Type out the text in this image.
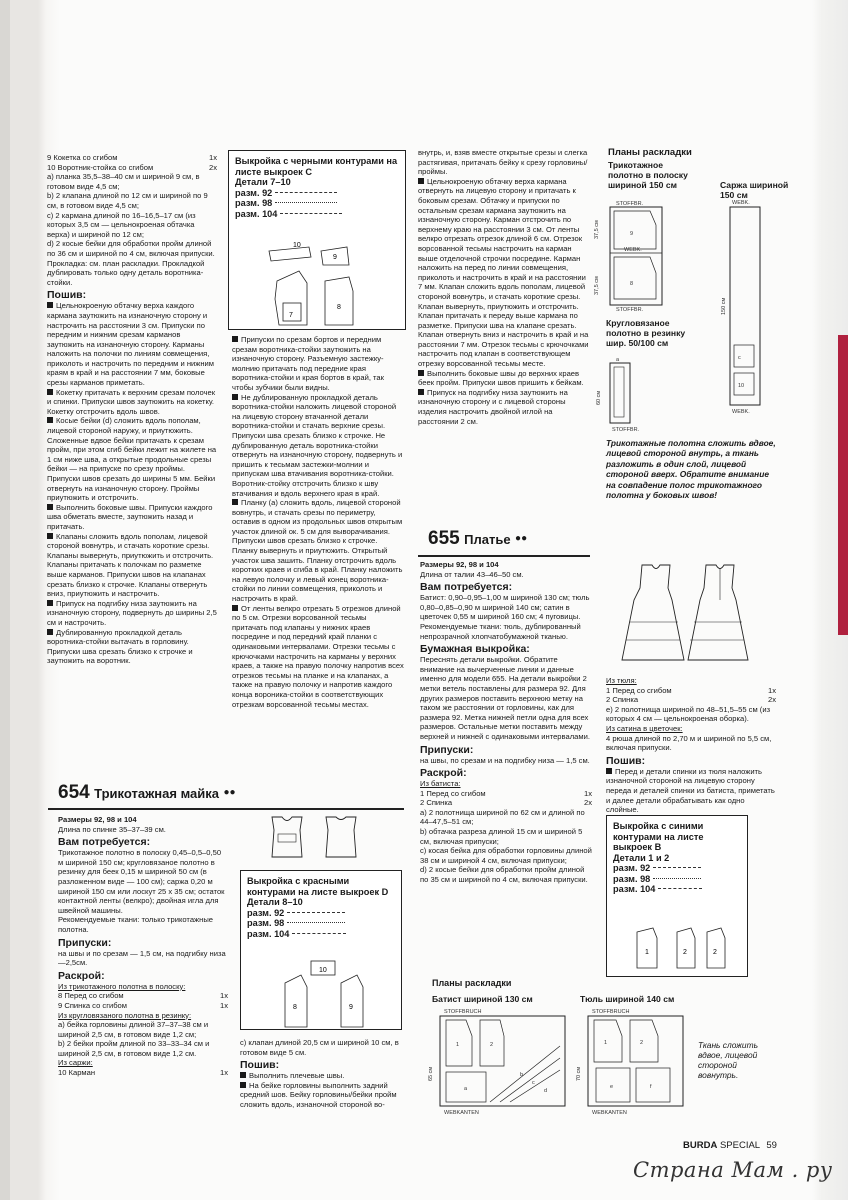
9 Кокетка со сгибом	1x
10 Воротник-стойка со сгибом	2x

a) планка 35,5–38–40 см и шириной 9 см, в готовом виде 4,5 см;

b) 2 клапана длиной по 12 см и шириной по 9 см, в готовом виде 4,5 см;

c) 2 кармана длиной по 16–16,5–17 см (из которых 3,5 см — цельнокроеная обтачка верха) и шириной по 12 см;

d) 2 косые бейки для обработки пройм длиной по 36 см и шириной по 4 см, включая припуски.

Прокладка: см. план раскладки. Прокладкой дублировать только одну деталь воротника-стойки.

Пошив:

Цельнокроеную обтачку верха каждого кармана заутюжить на изнаночную сторону и настрочить на расстоянии 3 см. Припуски по передним и нижним срезам карманов заутюжить на изнаночную сторону. Карманы наложить на полочки по линиям совмещения, приколоть и настрочить по передним и нижним краям в край и на расстоянии 7 мм, боковые срезы карманов приметать.

Кокетку притачать к верхним срезам полочек и спинки. Припуски швов заутюжить на кокетку. Кокетку отстрочить вдоль швов.

Косые бейки (d) сложить вдоль пополам, лицевой стороной наружу, и приутюжить. Сложенные вдвое бейки притачать к срезам пройм, при этом сгиб бейки лежит на жилете на 1 см ниже шва, а открытые продольные срезы бейки — на припуске по срезу проймы. Припуски швов срезать до ширины 5 мм. Бейки отвернуть на изнаночную сторону. Проймы приутюжить и отстрочить.

Выполнить боковые швы. Припуски каждого шва обметать вместе, заутюжить назад и притачать.

Клапаны сложить вдоль пополам, лицевой стороной вовнутрь, и стачать короткие срезы. Клапаны вывернуть, приутюжить и отстрочить. Клапаны притачать к полочкам по разметке выше карманов. Припуски швов на клапанах срезать близко к строчке. Клапаны отвернуть вниз, приутюжить и настрочить.

Припуск на подгибку низа заутюжить на изнаночную сторону, подвернуть до ширины 2,5 см и настрочить.

Дублированную прокладкой деталь воротника-стойки вытачать в горловину. Припуски шва срезать близко к строчке и заутюжить на воротник.

Выкройка с черными контурами на листе выкроек С
Детали 7–10
разм. 92
разм. 98
разм. 104
10
9
7
8

Припуски по срезам бортов и передним срезам воротника-стойки заутюжить на изнаночную сторону. Разъемную застежку-молнию притачать под передние края воротника-стойки и края бортов в край, так чтобы зубчики были видны.

Не дублированную прокладкой деталь воротника-стойки наложить лицевой стороной на лицевую сторону втачанной детали воротника-стойки и стачать верхние срезы. Припуски шва срезать близко к строчке. Не дублированную деталь воротника-стойки отвернуть на изнаночную сторону, подвернуть и пришить к тесьмам застежки-молнии и припускам шва втачивания воротника-стойки. Воротник-стойку отстрочить близко к шву втачивания и вдоль верхнего края в край.

Планку (а) сложить вдоль, лицевой стороной вовнутрь, и стачать срезы по периметру, оставив в одном из продольных швов открытым участок длиной ок. 5 см для выворачивания. Припуски швов срезать близко к строчке. Планку вывернуть и приутюжить. Открытый участок шва зашить. Планку отстрочить вдоль коротких краев и сгиба в край. Планку наложить на левую полочку и левый конец воротника-стойки по линии совмещения, приколоть и настрочить в край.

От ленты велкро отрезать 5 отрезков длиной по 5 см. Отрезки ворсованной тесьмы притачать под клапаны у нижних краев посредине и под передний край планки с одинаковыми интервалами. Отрезки тесьмы с крючочками настрочить на карманы у верхних краев, а также на правую полочку напротив всех отрезков тесьмы на планке и на клапанах, а также на правую полочку и напротив каждого конца вороника-стойки в соответствующих отрезкам ворсованной тесьмы местах.

внутрь, и, взяв вместе открытые срезы и слегка растягивая, притачать бейку к срезу горловины/проймы.

Цельнокроеную обтачку верха кармана отвернуть на лицевую сторону и притачать к боковым срезам. Обтачку и припуски по остальным срезам кармана заутюжить на изнаночную сторону. Карман отстрочить по верхнему краю на расстоянии 3 см. От ленты велкро отрезать отрезок длиной 6 см. Отрезок ворсованной тесьмы настрочить на карман выше отделочной строчки посредине. Карман наложить на перед по линии совмещения, приколоть и настрочить в край и на расстоянии 7 мм. Клапан сложить вдоль пополам, лицевой стороной вовнутрь, и стачать короткие срезы. Клапан вывернуть, приутюжить и отстрочить. Клапан притачать к переду выше кармана по разметке. Припуски шва на клапане срезать. Клапан отвернуть вниз и настрочить в край и на расстоянии 7 мм. Отрезок тесьмы с крючочками настрочить под клапан в соответствующем отрезку ворсованной тесьмы месте.

Выполнить боковые швы до верхних краев беек пройм. Припуски швов пришить к бейкам.

Припуск на подгибку низа заутюжить на изнаночную сторону и с лицевой стороны изделия настрочить двойной иглой на расстоянии 2 см.

Планы раскладки
Трикотажное полотно в полоску шириной 150 см	Саржа шириной 150 см
STOFFBR.
STOFFBR.
WEBK.
37,5 см
37,5 см
9
8
60 см
a
STOFFBR.
c
10
WEBK.
WEBK.
150 см
Круглoвязаное полотно в резинку шир. 50/100 см
Трикотажные полотна сложить вдвое, лицевой стороной внутрь, а ткань разложить в один слой, лицевой стороной вверх. Обратите внимание на совпадение полос трикотажного полотна у боковых швов!
655 Платье ●●
Размеры 92, 98 и 104

Длина от талии 43–46–50 см.

Вам потребуется:

Батист: 0,90–0,95–1,00 м шириной 130 см; тюль 0,80–0,85–0,90 м шириной 140 см; сатин в цветочек 0,55 м шириной 160 см; 4 пуговицы.

Рекомендуемые ткани: тюль, дублированный непрозрачной хлопчатобумажной тканью.

Бумажная выкройка:

Переснять детали выкройки. Обратите внимание на вычерченные линии и данные именно для модели 655. На детали выкройки 2 мeтки ветель поставлены для размера 92. Для других размеров поставить верхнюю метку на таком же расстоянии от горловины, как для размера 92. Метка нижней петли одна для всех размеров. Остальные метки поставить между верхней и нижней с одинаковыми интервалами.

Припуски:

на швы, по срезам и на подгибку низа — 1,5 см.

Раскрой:

Из батиста:

1 Перед со сгибом	1x
2 Спинка	2x

a) 2 полотнища шириной по 62 см и длиной по 44–47,5–51 см;

b) обтачка разреза длиной 15 см и шириной 5 см, включая припуски;

c) косая бейка для обработки горловины длиной 38 см и шириной 4 см, включая припуски;

d) 2 косые бейки для обработки пройм длиной по 35 см и шириной по 4 см, включая припуски.

Из тюля:

1 Перед со сгибом	1x
2 Спинка	2x

e) 2 полотнища шириной по 48–51,5–55 см (из которых 4 см — цельнокроеная оборка).

Из сатина в цветочек:

4 рюша длиной по 2,70 м и шириной по 5,5 см, включая припуски.

Пошив:

Перед и детали спинки из тюля наложить изнаночной стороной на лицевую сторону переда и деталей спинки из батиста, приметать и далее детали обрабатывать как одно слойные.

Выкройка с синими контурами на листе выкроек В
Детали 1 и 2
разм. 92
разм. 98
разм. 104
1	2	2
Планы раскладки
Батист шириной 130 см	Тюль шириной 140 см
STOFFBRUCH
WEBKANTEN
65 см
1	2
a
b
c
d
STOFFBRUCH
WEBKANTEN
70 см
1	2
e	f
Ткань сложить вдвое, лицевой стороной вовнутрь.
654 Трикотажная майка ●●
Размеры 92, 98 и 104

Длина по спинке 35–37–39 см.

Вам потребуется:

Трикотажное полотно в полоску 0,45–0,5–0,50 м шириной 150 см; круглoвязаное полотно в резинку для беек 0,15 м шириной 50 см (в разложенном виде — 100 см); саржа 0,20 м шириной 150 см или лоскут 25 x 35 см; остаток контактной ленты (велкро); двойная игла для швейной машины.

Рекомендуемые ткани: только трикотажные полотна.

Припуски:

на швы и по срезам — 1,5 см, на подгибку низа—2,5см.

Раскрой:

Из трикотажного полотна в полоску:

8 Перед со сгибом	1x
9 Спинка со сгибом	1x

Из круглoвязаного полотна в резинку:

a) бейка горловины длиной 37–37–38 см и шириной 2,5 см, в готовом виде 1,2 см;

b) 2 бейки пройм длиной по 33–33–34 см и шириной 2,5 см, в готовом виде 1,2 см.

Из саржи:

10 Карман	1x
Выкройка с красными контурами на листе выкроек D
Детали 8–10
разм. 92
разм. 98
разм. 104
10
8	9

c) клапан длиной 20,5 см и шириной 10 см, в готовом виде 5 см.

Пошив:

Выполнить плечевые швы.

На бейке горловины выполнить задний средний шов. Бейку горловины/бейки пройм сложить вдоль, изнаночной стороной во-

BURDA SPECIAL 59
Страна Мам . ру
